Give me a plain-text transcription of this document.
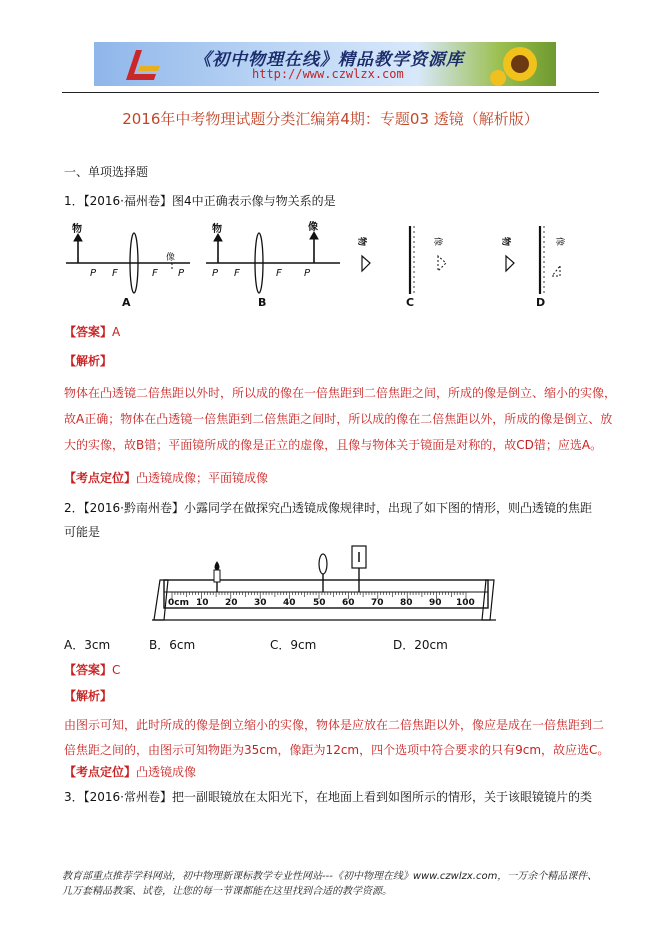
《初中物理在线》精品教学资源库
http://www.czwlzx.com
2016年中考物理试题分类汇编第4期：专题03 透镜（解析版）
一、单项选择题
1．【2016·福州卷】图4中正确表示像与物关系的是
物
像
P F	F P
A
物	像
P F	F P
B
物	像
C
物	像
D
【答案】A
【解析】
物体在凸透镜二倍焦距以外时，所以成的像在一倍焦距到二倍焦距之间，所成的像是倒立、缩小的实像，
故A正确；物体在凸透镜一倍焦距到二倍焦距之间时，所以成的像在二倍焦距以外，所成的像是倒立、放
大的实像，故B错；平面镜所成的像是正立的虚像，且像与物体关于镜面是对称的，故CD错；应选A。
【考点定位】凸透镜成像；平面镜成像
2．【2016·黔南州卷】小露同学在做探究凸透镜成像规律时，出现了如下图的情形，则凸透镜的焦距
可能是
0cm 10 20 30 40 50 60 70 80 90 100
A．3cm	B．6cm	C．9cm	D．20cm
【答案】C
【解析】
由图示可知，此时所成的像是倒立缩小的实像，物体是应放在二倍焦距以外，像应是成在一倍焦距到二
倍焦距之间的，由图示可知物距为35cm，像距为12cm，四个选项中符合要求的只有9cm，故应选C。
【考点定位】凸透镜成像
3．【2016·常州卷】把一副眼镜放在太阳光下，在地面上看到如图所示的情形，关于该眼镜镜片的类
教育部重点推荐学科网站，初中物理新课标教学专业性网站---《初中物理在线》www.czwlzx.com，一万余个精品课件、
几万套精品教案、试卷，让您的每一节课都能在这里找到合适的教学资源。
